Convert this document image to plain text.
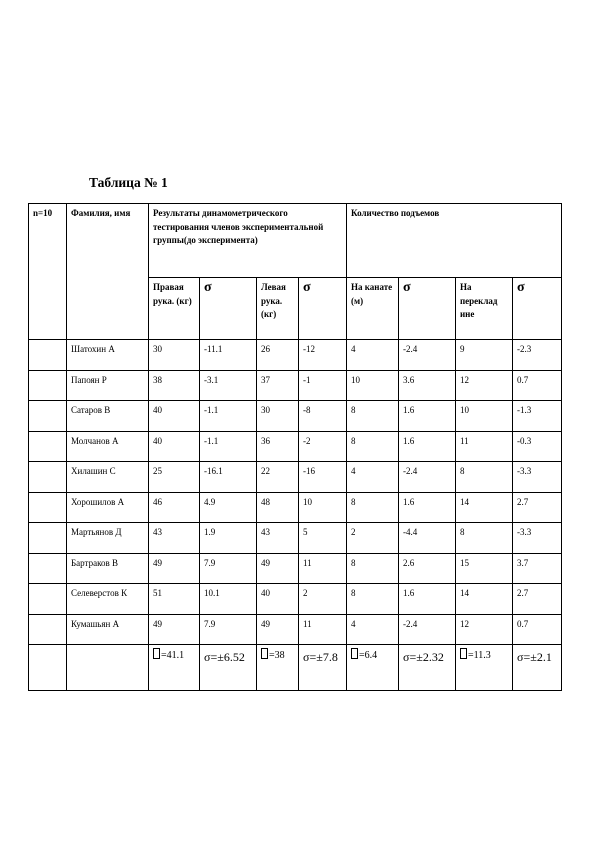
Таблица № 1
n=10	Фамилия, имя	Результаты динамометрического тестирования членов экспериментальной группы(до эксперимента)				Количество подъемов			
		Правая рука. (кг)	σ	Левая рука. (кг)	σ	На канате (м)	σ	На переклад ине	σ
	Шатохин А	30	-11.1	26	-12	4	-2.4	9	-2.3
	Папоян Р	38	-3.1	37	-1	10	3.6	12	0.7
	Сатаров В	40	-1.1	30	-8	8	1.6	10	-1.3
	Молчанов А	40	-1.1	36	-2	8	1.6	11	-0.3
	Хилашин С	25	-16.1	22	-16	4	-2.4	8	-3.3
	Хорошилов А	46	4.9	48	10	8	1.6	14	2.7
	Мартьянов Д	43	1.9	43	5	2	-4.4	8	-3.3
	Бартраков В	49	7.9	49	11	8	2.6	15	3.7
	Селеверстов К	51	10.1	40	2	8	1.6	14	2.7
	Кумашьян А	49	7.9	49	11	4	-2.4	12	0.7
		=41.1	σ=±6.52	=38	σ=±7.8	=6.4	σ=±2.32	=11.3	σ=±2.1
